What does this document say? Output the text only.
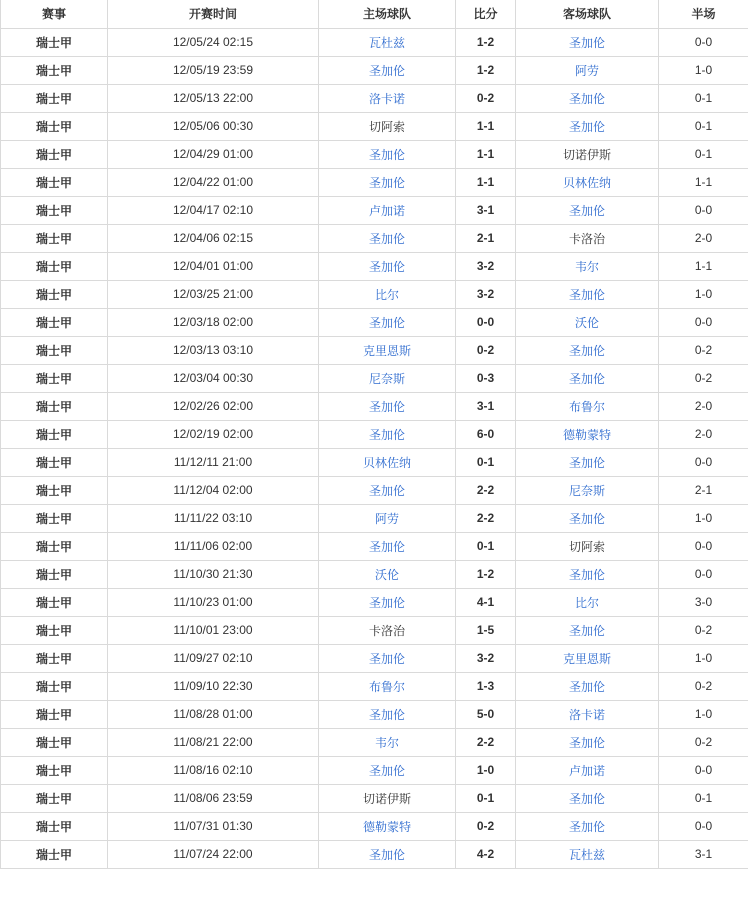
赛事	开赛时间	主场球队	比分	客场球队	半场
瑞士甲	12/05/24 02:15	瓦杜兹	1-2	圣加伦	0-0
瑞士甲	12/05/19 23:59	圣加伦	1-2	阿劳	1-0
瑞士甲	12/05/13 22:00	洛卡诺	0-2	圣加伦	0-1
瑞士甲	12/05/06 00:30	切阿索	1-1	圣加伦	0-1
瑞士甲	12/04/29 01:00	圣加伦	1-1	切诺伊斯	0-1
瑞士甲	12/04/22 01:00	圣加伦	1-1	贝林佐纳	1-1
瑞士甲	12/04/17 02:10	卢加诺	3-1	圣加伦	0-0
瑞士甲	12/04/06 02:15	圣加伦	2-1	卡洛治	2-0
瑞士甲	12/04/01 01:00	圣加伦	3-2	韦尔	1-1
瑞士甲	12/03/25 21:00	比尔	3-2	圣加伦	1-0
瑞士甲	12/03/18 02:00	圣加伦	0-0	沃伦	0-0
瑞士甲	12/03/13 03:10	克里恩斯	0-2	圣加伦	0-2
瑞士甲	12/03/04 00:30	尼奈斯	0-3	圣加伦	0-2
瑞士甲	12/02/26 02:00	圣加伦	3-1	布鲁尔	2-0
瑞士甲	12/02/19 02:00	圣加伦	6-0	德勒蒙特	2-0
瑞士甲	11/12/11 21:00	贝林佐纳	0-1	圣加伦	0-0
瑞士甲	11/12/04 02:00	圣加伦	2-2	尼奈斯	2-1
瑞士甲	11/11/22 03:10	阿劳	2-2	圣加伦	1-0
瑞士甲	11/11/06 02:00	圣加伦	0-1	切阿索	0-0
瑞士甲	11/10/30 21:30	沃伦	1-2	圣加伦	0-0
瑞士甲	11/10/23 01:00	圣加伦	4-1	比尔	3-0
瑞士甲	11/10/01 23:00	卡洛治	1-5	圣加伦	0-2
瑞士甲	11/09/27 02:10	圣加伦	3-2	克里恩斯	1-0
瑞士甲	11/09/10 22:30	布鲁尔	1-3	圣加伦	0-2
瑞士甲	11/08/28 01:00	圣加伦	5-0	洛卡诺	1-0
瑞士甲	11/08/21 22:00	韦尔	2-2	圣加伦	0-2
瑞士甲	11/08/16 02:10	圣加伦	1-0	卢加诺	0-0
瑞士甲	11/08/06 23:59	切诺伊斯	0-1	圣加伦	0-1
瑞士甲	11/07/31 01:30	德勒蒙特	0-2	圣加伦	0-0
瑞士甲	11/07/24 22:00	圣加伦	4-2	瓦杜兹	3-1
